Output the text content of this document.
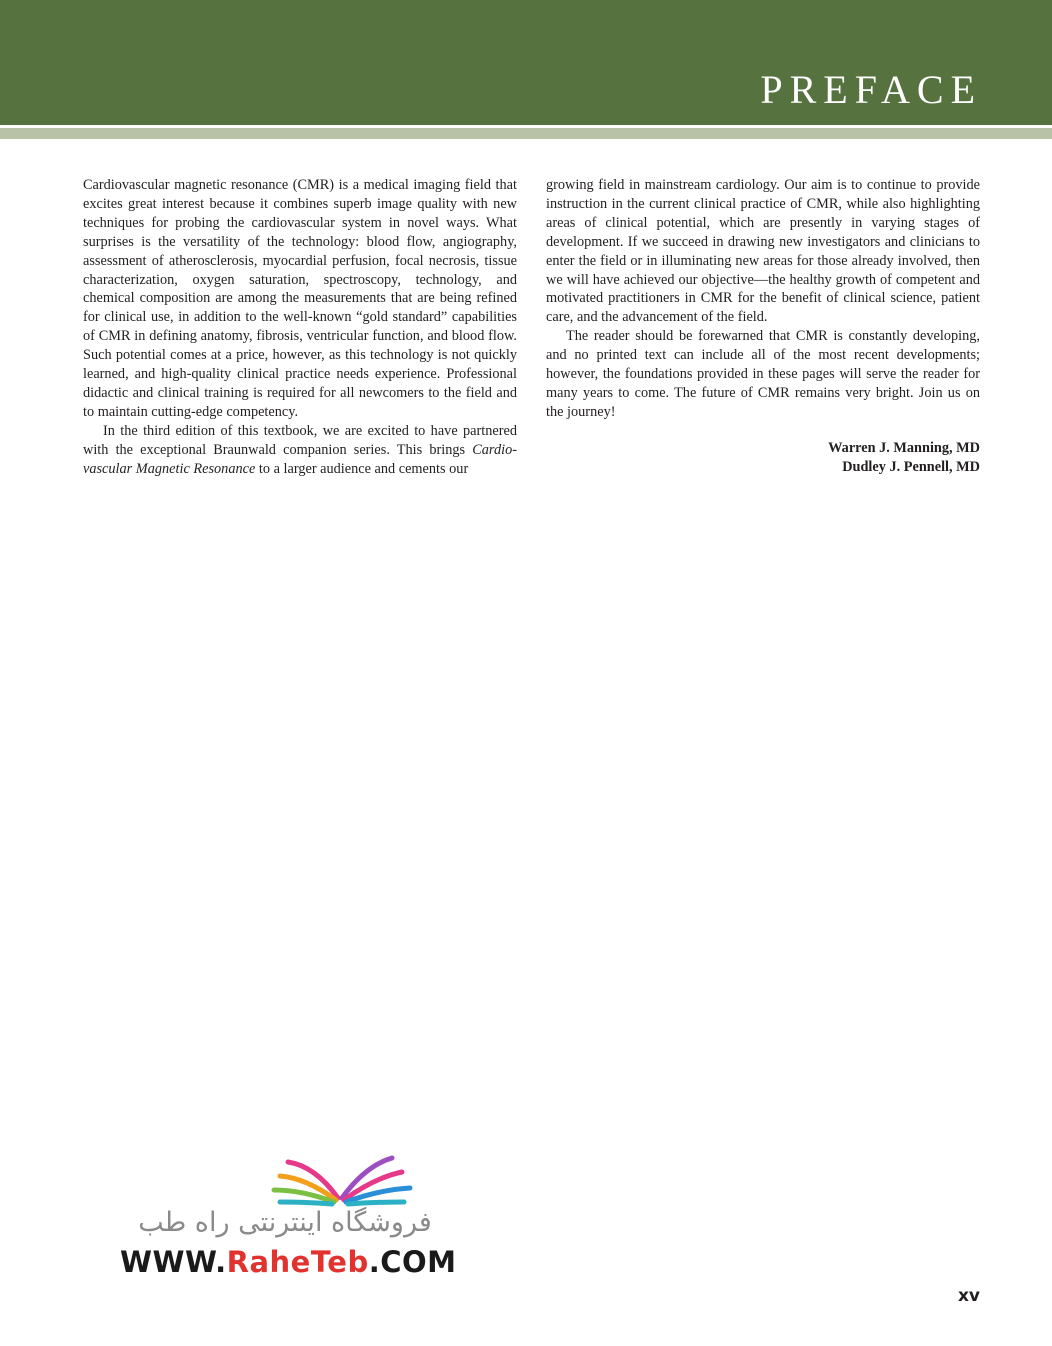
PREFACE

Cardiovascular magnetic resonance (CMR) is a medical imaging field that excites great interest because it combines superb image quality with new techniques for probing the cardiovascular system in novel ways. What surprises is the versatility of the technology: blood flow, angiography, assessment of atherosclerosis, myocardial perfusion, focal necrosis, tissue characterization, oxygen saturation, spectroscopy, technology, and chemical composition are among the measurements that are being refined for clinical use, in addition to the well-known “gold standard” capabilities of CMR in defining anatomy, fibrosis, ventricular function, and blood flow. Such potential comes at a price, however, as this technology is not quickly learned, and high-quality clinical practice needs experience. Professional didactic and clinical training is required for all newcomers to the field and to maintain cutting-edge competency.

In the third edition of this textbook, we are excited to have partnered with the exceptional Braunwald companion series. This brings Cardiovascular Magnetic Resonance to a larger audience and cements our

growing field in mainstream cardiology. Our aim is to continue to provide instruction in the current clinical practice of CMR, while also highlighting areas of clinical potential, which are presently in varying stages of development. If we succeed in drawing new investigators and clinicians to enter the field or in illuminating new areas for those already involved, then we will have achieved our objective—the healthy growth of competent and motivated practitioners in CMR for the benefit of clinical science, patient care, and the advancement of the field.

The reader should be forewarned that CMR is constantly developing, and no printed text can include all of the most recent developments; however, the foundations provided in these pages will serve the reader for many years to come. The future of CMR remains very bright. Join us on the journey!

Warren J. Manning, MD
Dudley J. Pennell, MD
فروشگاه اینترنتی راه طب
WWW.RaheTeb.COM
xv
